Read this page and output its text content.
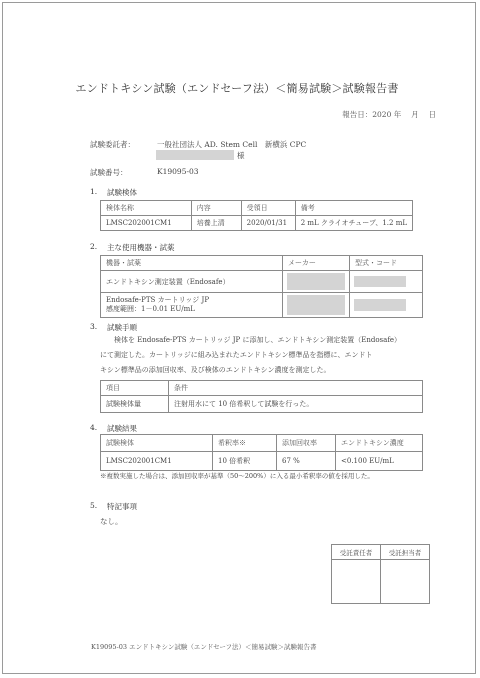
エンドトキシン試験（エンドセーフ法）＜簡易試験＞試験報告書
報告日：2020 年　 月　 日
試験委託者：	一般社団法人 AD. Stem Cell　新横浜 CPC
様
試験番号：	K19095-03
1. 試験検体
検体名称	内容	受領日	備考
LMSC202001CM1	培養上清	2020/01/31	2 mL クライオチューブ、1.2 mL
2. 主な使用機器・試薬
機器・試薬	メーカー	型式・コード
エンドトキシン測定装置（Endosafe）	

Endosafe-PTS カートリッジ JP
感度範囲：1－0.01 EU/mL		

3. 試験手順
検体を Endosafe-PTS カートリッジ JP に添加し、エンドトキシン測定装置（Endosafe）
にて測定した。カートリッジに組み込まれたエンドトキシン標準品を指標に、エンドト
キシン標準品の添加回収率、及び検体のエンドトキシン濃度を測定した。
項目	条件
試験検体量	注射用水にて 10 倍希釈して試験を行った。
4. 試験結果
試験検体	希釈率※	添加回収率	エンドトキシン濃度
LMSC202001CM1	10 倍希釈	67 %	<0.100 EU/mL
※複数実施した場合は、添加回収率が基準（50～200%）に入る最小希釈率の値を採用した。
5. 特記事項
なし。
受託責任者	受託担当者

K19095-03 エンドトキシン試験（エンドセーフ法）＜簡易試験＞試験報告書
